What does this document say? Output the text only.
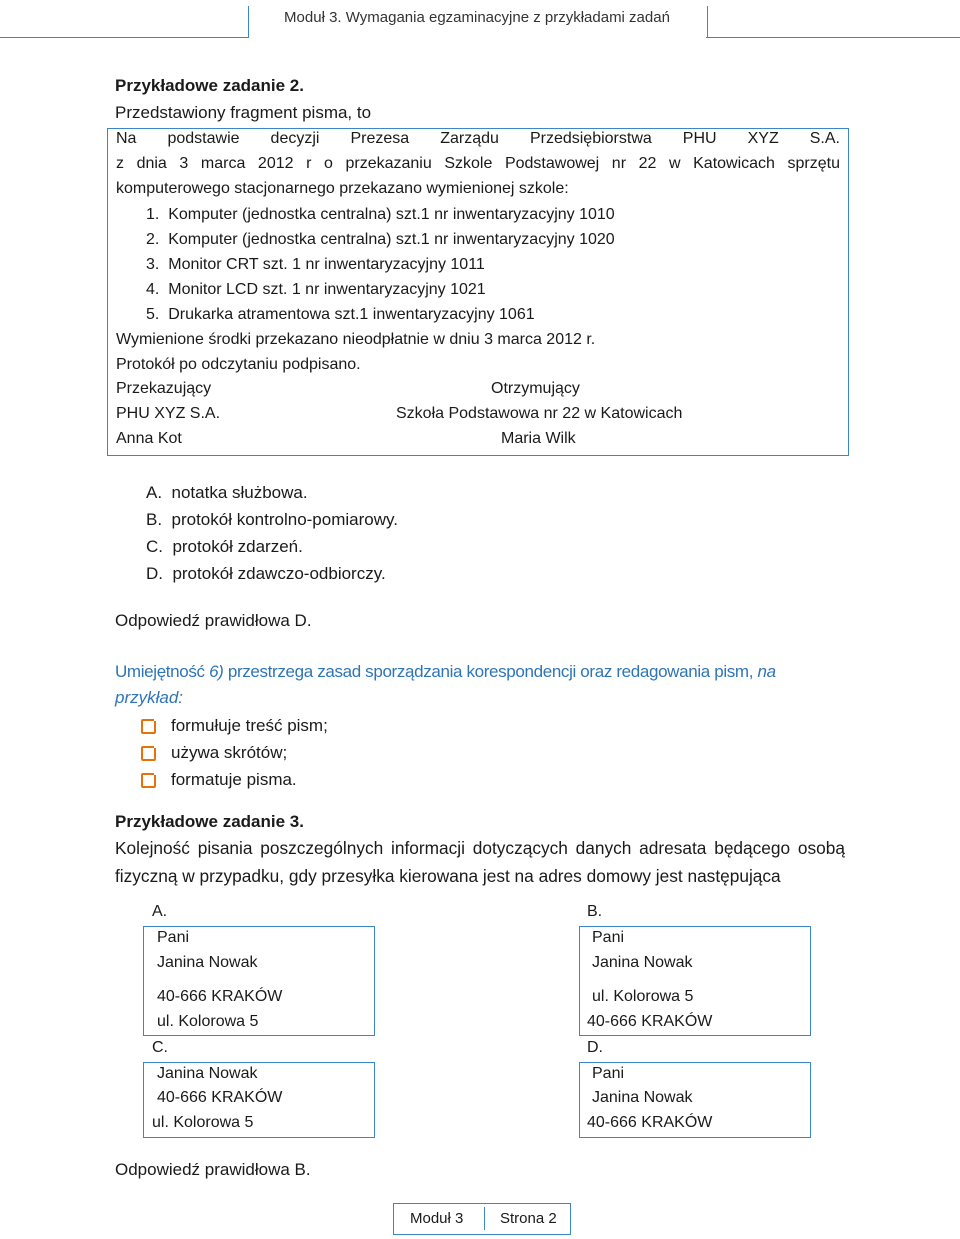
Moduł 3. Wymagania egzaminacyjne z przykładami zadań
Przykładowe zadanie 2.
Przedstawiony fragment pisma, to
Na podstawie decyzji Prezesa Zarządu Przedsiębiorstwa PHU XYZ S.A.
z dnia 3 marca 2012 r o przekazaniu Szkole Podstawowej nr 22 w Katowicach sprzętu
komputerowego stacjonarnego przekazano wymienionej szkole:
1.  Komputer (jednostka centralna) szt.1 nr inwentaryzacyjny 1010
2.  Komputer (jednostka centralna) szt.1 nr inwentaryzacyjny 1020
3.  Monitor CRT szt. 1 nr inwentaryzacyjny 1011
4.  Monitor LCD szt. 1 nr inwentaryzacyjny 1021
5.  Drukarka atramentowa szt.1 inwentaryzacyjny 1061
Wymienione środki przekazano nieodpłatnie w dniu 3 marca 2012 r.
Protokół po odczytaniu podpisano.
Przekazujący	Otrzymujący
PHU XYZ S.A.	Szkoła Podstawowa nr 22 w Katowicach
Anna Kot	Maria Wilk
A.  notatka służbowa.
B.  protokół kontrolno-pomiarowy.
C.  protokół zdarzeń.
D.  protokół zdawczo-odbiorczy.
Odpowiedź prawidłowa D.
Umiejętność 6) przestrzega zasad sporządzania korespondencji oraz redagowania pism, na
przykład:
formułuje treść pism;
używa skrótów;
formatuje pisma.
Przykładowe zadanie 3.
Kolejność pisania poszczególnych informacji dotyczących danych adresata będącego osobą
fizyczną w przypadku, gdy przesyłka kierowana jest na adres domowy jest następująca
A.
Pani
Janina Nowak
40-666 KRAKÓW
ul. Kolorowa 5
B.
Pani
Janina Nowak
ul. Kolorowa 5
40-666 KRAKÓW
C.
Janina Nowak
40-666 KRAKÓW
ul. Kolorowa 5
D.
Pani
Janina Nowak
40-666 KRAKÓW
Odpowiedź prawidłowa B.
Moduł 3 Strona 2
